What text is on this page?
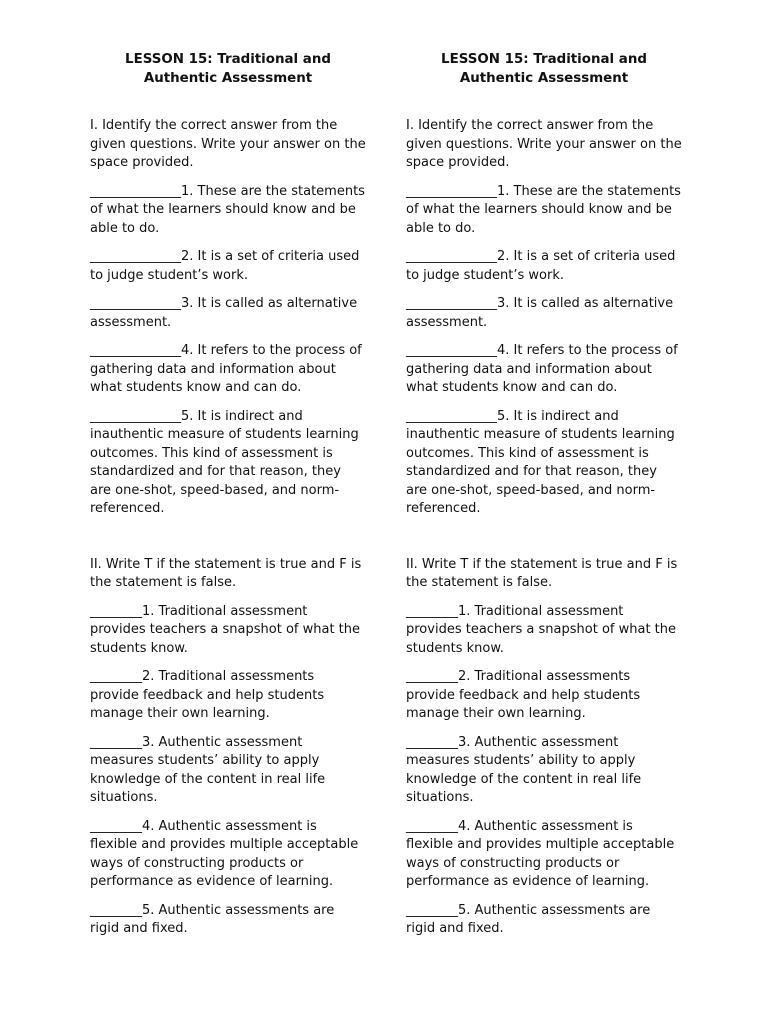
LESSON 15: Traditional and Authentic Assessment
I. Identify the correct answer from the given questions. Write your answer on the space provided.
______________1. These are the statements of what the learners should know and be able to do.
______________2. It is a set of criteria used to judge student’s work.
______________3. It is called as alternative assessment.
______________4. It refers to the process of gathering data and information about what students know and can do.
______________5. It is indirect and inauthentic measure of students learning outcomes. This kind of assessment is standardized and for that reason, they are one-shot, speed-based, and norm-referenced.
II. Write T if the statement is true and F is the statement is false.
________1. Traditional assessment provides teachers a snapshot of what the students know.
________2. Traditional assessments provide feedback and help students manage their own learning.
________3. Authentic assessment measures students’ ability to apply knowledge of the content in real life situations.
________4. Authentic assessment is flexible and provides multiple acceptable ways of constructing products or performance as evidence of learning.
________5. Authentic assessments are rigid and fixed.
LESSON 15: Traditional and Authentic Assessment
I. Identify the correct answer from the given questions. Write your answer on the space provided.
______________1. These are the statements of what the learners should know and be able to do.
______________2. It is a set of criteria used to judge student’s work.
______________3. It is called as alternative assessment.
______________4. It refers to the process of gathering data and information about what students know and can do.
______________5. It is indirect and inauthentic measure of students learning outcomes. This kind of assessment is standardized and for that reason, they are one-shot, speed-based, and norm-referenced.
II. Write T if the statement is true and F is the statement is false.
________1. Traditional assessment provides teachers a snapshot of what the students know.
________2. Traditional assessments provide feedback and help students manage their own learning.
________3. Authentic assessment measures students’ ability to apply knowledge of the content in real life situations.
________4. Authentic assessment is flexible and provides multiple acceptable ways of constructing products or performance as evidence of learning.
________5. Authentic assessments are rigid and fixed.
